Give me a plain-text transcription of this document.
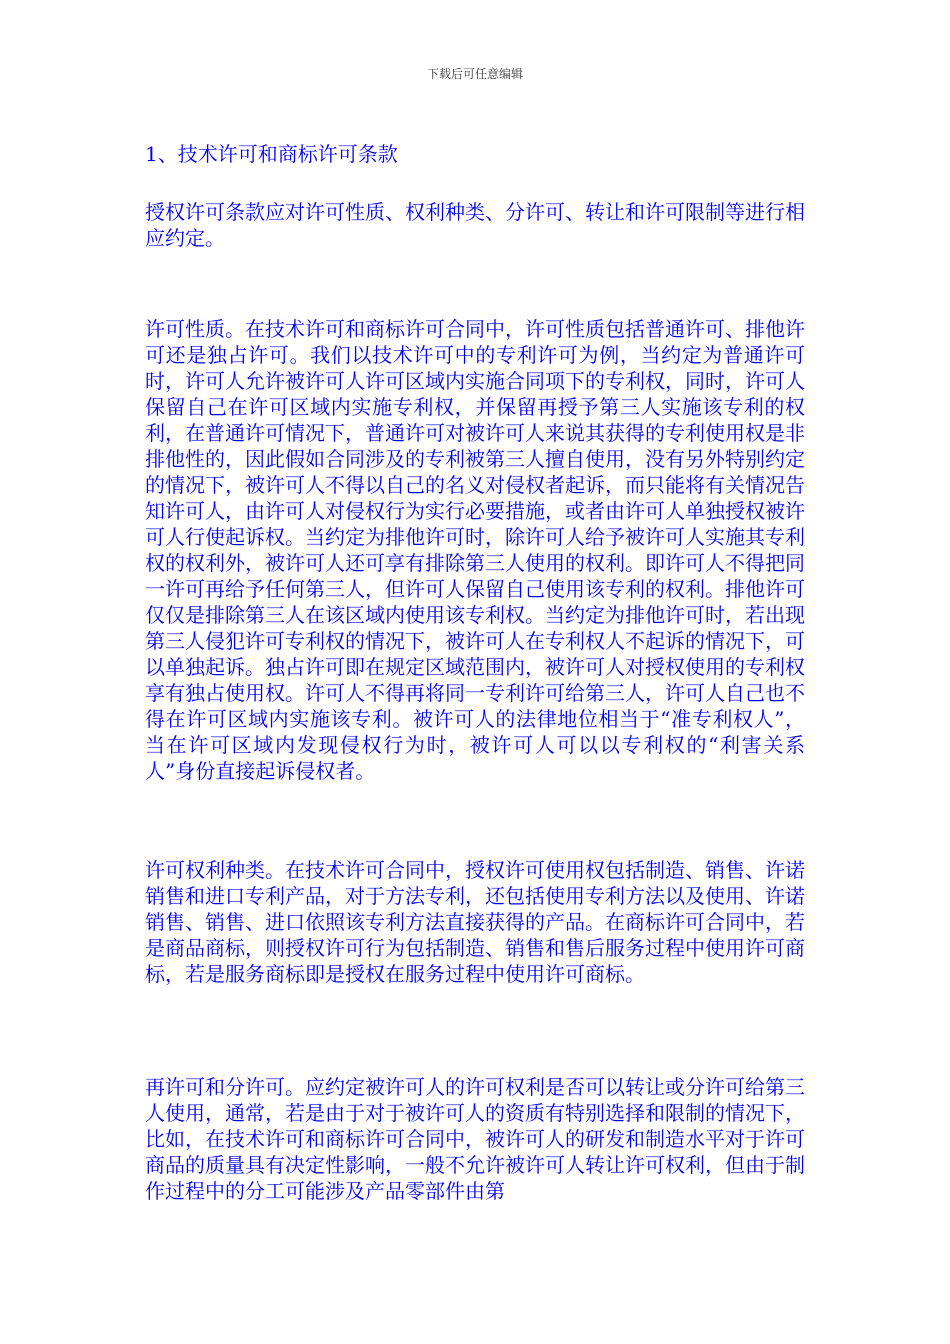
下载后可任意编辑
1、技术许可和商标许可条款

授权许可条款应对许可性质、权利种类、分许可、转让和许可限制等进行相应约定。

许可性质。在技术许可和商标许可合同中，许可性质包括普通许可、排他许可还是独占许可。我们以技术许可中的专利许可为例，当约定为普通许可时，许可人允许被许可人许可区域内实施合同项下的专利权，同时，许可人保留自己在许可区域内实施专利权，并保留再授予第三人实施该专利的权利，在普通许可情况下，普通许可对被许可人来说其获得的专利使用权是非排他性的，因此假如合同涉及的专利被第三人擅自使用，没有另外特别约定的情况下，被许可人不得以自己的名义对侵权者起诉，而只能将有关情况告知许可人，由许可人对侵权行为实行必要措施，或者由许可人单独授权被许可人行使起诉权。当约定为排他许可时，除许可人给予被许可人实施其专利权的权利外，被许可人还可享有排除第三人使用的权利。即许可人不得把同一许可再给予任何第三人，但许可人保留自己使用该专利的权利。排他许可仅仅是排除第三人在该区域内使用该专利权。当约定为排他许可时，若出现第三人侵犯许可专利权的情况下，被许可人在专利权人不起诉的情况下，可以单独起诉。独占许可即在规定区域范围内，被许可人对授权使用的专利权享有独占使用权。许可人不得再将同一专利许可给第三人，许可人自己也不得在许可区域内实施该专利。被许可人的法律地位相当于“准专利权人”，当在许可区域内发现侵权行为时，被许可人可以以专利权的“利害关系人”身份直接起诉侵权者。

许可权利种类。在技术许可合同中，授权许可使用权包括制造、销售、许诺销售和进口专利产品，对于方法专利，还包括使用专利方法以及使用、许诺销售、销售、进口依照该专利方法直接获得的产品。在商标许可合同中，若是商品商标，则授权许可行为包括制造、销售和售后服务过程中使用许可商标，若是服务商标即是授权在服务过程中使用许可商标。

再许可和分许可。应约定被许可人的许可权利是否可以转让或分许可给第三人使用，通常，若是由于对于被许可人的资质有特别选择和限制的情况下，比如，在技术许可和商标许可合同中，被许可人的研发和制造水平对于许可商品的质量具有决定性影响，一般不允许被许可人转让许可权利，但由于制作过程中的分工可能涉及产品零部件由第
